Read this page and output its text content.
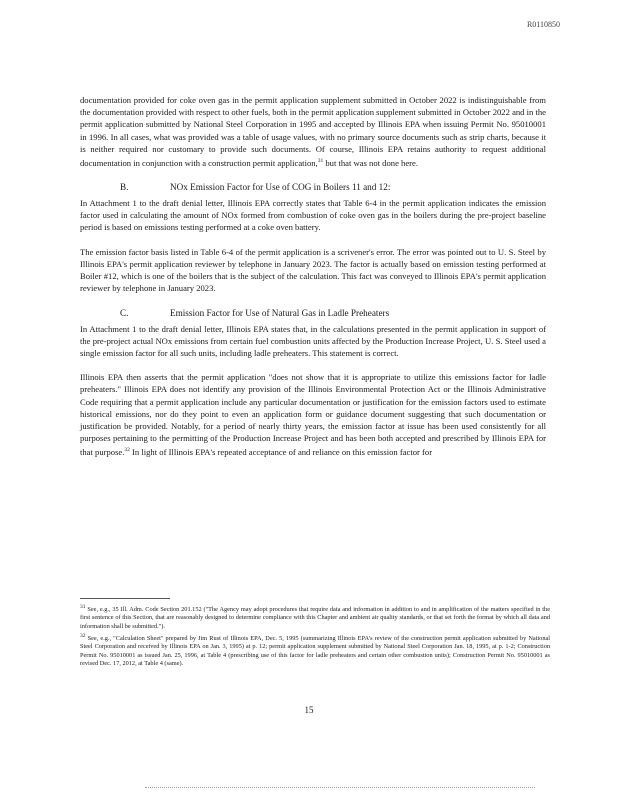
R0110850

documentation provided for coke oven gas in the permit application supplement submitted in October 2022 is indistinguishable from the documentation provided with respect to other fuels, both in the permit application supplement submitted in October 2022 and in the permit application submitted by National Steel Corporation in 1995 and accepted by Illinois EPA when issuing Permit No. 95010001 in 1996. In all cases, what was provided was a table of usage values, with no primary source documents such as strip charts, because it is neither required nor customary to provide such documents. Of course, Illinois EPA retains authority to request additional documentation in conjunction with a construction permit application,$^{31}$ but that was not done here.

B.	NOx Emission Factor for Use of COG in Boilers 11 and 12:

In Attachment 1 to the draft denial letter, Illinois EPA correctly states that Table 6-4 in the permit application indicates the emission factor used in calculating the amount of NOx formed from combustion of coke oven gas in the boilers during the pre-project baseline period is based on emissions testing performed at a coke oven battery.

The emission factor basis listed in Table 6-4 of the permit application is a scrivener's error. The error was pointed out to U. S. Steel by Illinois EPA's permit application reviewer by telephone in January 2023. The factor is actually based on emission testing performed at Boiler #12, which is one of the boilers that is the subject of the calculation. This fact was conveyed to Illinois EPA's permit application reviewer by telephone in January 2023.

C.	Emission Factor for Use of Natural Gas in Ladle Preheaters

In Attachment 1 to the draft denial letter, Illinois EPA states that, in the calculations presented in the permit application in support of the pre-project actual NOx emissions from certain fuel combustion units affected by the Production Increase Project, U. S. Steel used a single emission factor for all such units, including ladle preheaters. This statement is correct.

Illinois EPA then asserts that the permit application "does not show that it is appropriate to utilize this emissions factor for ladle preheaters." Illinois EPA does not identify any provision of the Illinois Environmental Protection Act or the Illinois Administrative Code requiring that a permit application include any particular documentation or justification for the emission factors used to estimate historical emissions, nor do they point to even an application form or guidance document suggesting that such documentation or justification be provided. Notably, for a period of nearly thirty years, the emission factor at issue has been used consistently for all purposes pertaining to the permitting of the Production Increase Project and has been both accepted and prescribed by Illinois EPA for that purpose.$^{32}$ In light of Illinois EPA's repeated acceptance of and reliance on this emission factor for

$^{31}$ See, e.g., 35 Ill. Adm. Code Section 201.152 ("The Agency may adopt procedures that require data and information in addition to and in amplification of the matters specified in the first sentence of this Section, that are reasonably designed to determine compliance with this Chapter and ambient air quality standards, or that set forth the format by which all data and information shall be submitted.").
$^{32}$ See, e.g., "Calculation Sheet" prepared by Jim Rust of Illinois EPA, Dec. 5, 1995 (summarizing Illinois EPA's review of the construction permit application submitted by National Steel Corporation and received by Illinois EPA on Jan. 3, 1995) at p. 12; permit application supplement submitted by National Steel Corporation Jan. 18, 1995, at p. 1-2; Construction Permit No. 95010001 as issued Jan. 25, 1996, at Table 4 (prescribing use of this factor for ladle preheaters and certain other combustion units); Construction Permit No. 95010001 as revised Dec. 17, 2012, at Table 4 (same).
15
